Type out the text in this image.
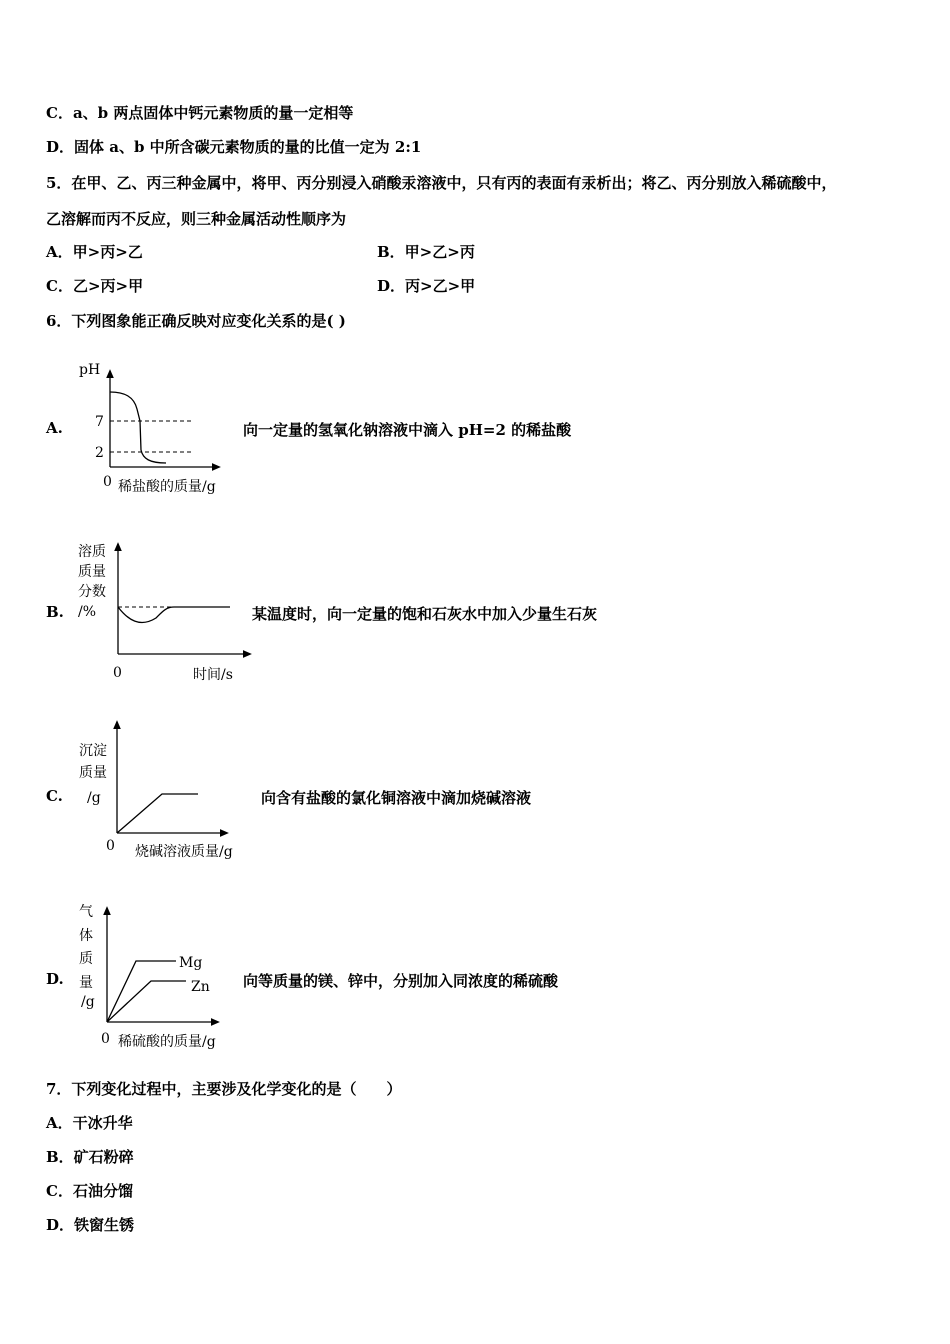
C．a、b 两点固体中钙元素物质的量一定相等
D．固体 a、b 中所含碳元素物质的量的比值一定为 2:1
5．在甲、乙、丙三种金属中，将甲、丙分别浸入硝酸汞溶液中，只有丙的表面有汞析出；将乙、丙分别放入稀硫酸中，
乙溶解而丙不反应，则三种金属活动性顺序为
A．甲>丙>乙	B．甲>乙>丙
C．乙>丙>甲	D．丙>乙>甲
6．下列图象能正确反映对应变化关系的是( )
A.
pH
7
2
0 稀盐酸的质量/g
向一定量的氢氧化钠溶液中滴入 pH=2 的稀盐酸
B.
溶质
质量
分数
/%
0	时间/s
某温度时，向一定量的饱和石灰水中加入少量生石灰
C.
沉淀
质量
/g
0 烧碱溶液质量/g
向含有盐酸的氯化铜溶液中滴加烧碱溶液
D.
气
体
质
量
/g
Mg
Zn
0 稀硫酸的质量/g
向等质量的镁、锌中，分别加入同浓度的稀硫酸
7．下列变化过程中，主要涉及化学变化的是（　　）
A．干冰升华
B．矿石粉碎
C．石油分馏
D．铁窗生锈
